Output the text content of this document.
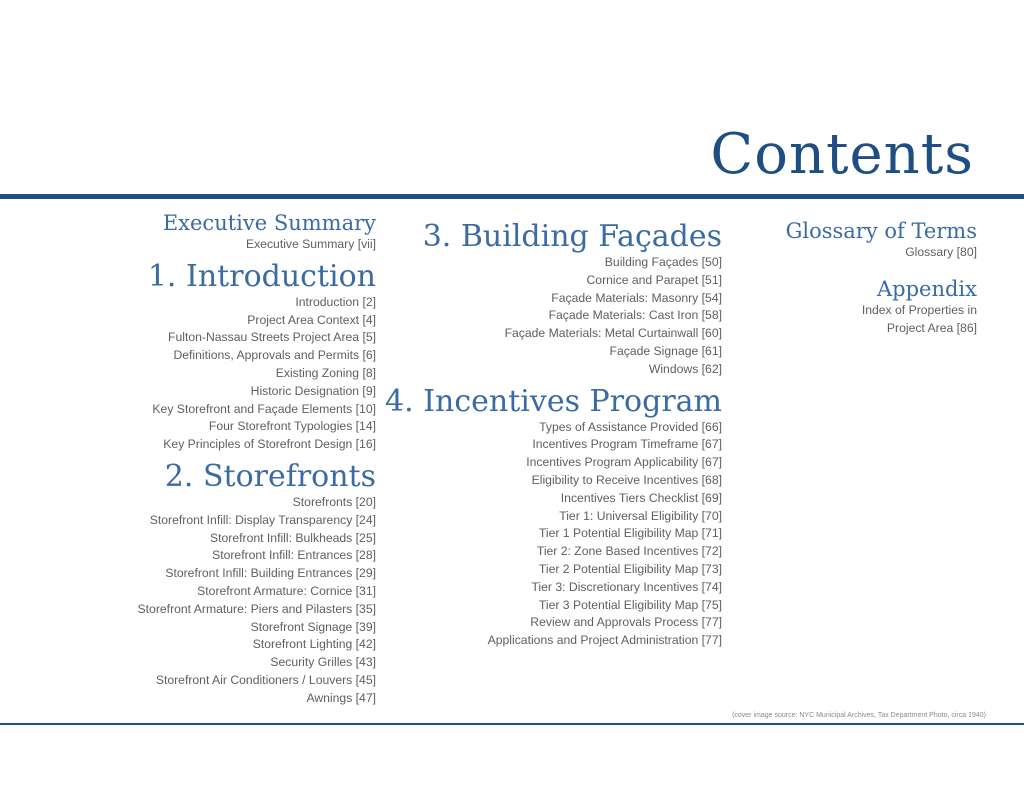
Contents
Executive Summary
Executive Summary [vii]
1. Introduction
Introduction [2]
Project Area Context [4]
Fulton-Nassau Streets Project Area [5]
Definitions, Approvals and Permits [6]
Existing Zoning [8]
Historic Designation [9]
Key Storefront and Façade Elements [10]
Four Storefront Typologies [14]
Key Principles of Storefront Design [16]
2. Storefronts
Storefronts [20]
Storefront Infill: Display Transparency [24]
Storefront Infill: Bulkheads [25]
Storefront Infill: Entrances [28]
Storefront Infill: Building Entrances [29]
Storefront Armature: Cornice [31]
Storefront Armature: Piers and Pilasters [35]
Storefront Signage [39]
Storefront Lighting [42]
Security Grilles [43]
Storefront Air Conditioners / Louvers [45]
Awnings [47]
3. Building Façades
Building Façades [50]
Cornice and Parapet [51]
Façade Materials: Masonry [54]
Façade Materials: Cast Iron [58]
Façade Materials: Metal Curtainwall [60]
Façade Signage [61]
Windows [62]
4. Incentives Program
Types of Assistance Provided [66]
Incentives Program Timeframe [67]
Incentives Program Applicability [67]
Eligibility to Receive Incentives [68]
Incentives Tiers Checklist [69]
Tier 1: Universal Eligibility [70]
Tier 1 Potential Eligibility Map [71]
Tier 2: Zone Based Incentives [72]
Tier 2 Potential Eligibility Map [73]
Tier 3: Discretionary Incentives [74]
Tier 3 Potential Eligibility Map [75]
Review and Approvals Process [77]
Applications and Project Administration [77]
Glossary of Terms
Glossary [80]
Appendix
Index of Properties in
Project Area [86]
(cover image source: NYC Municipal Archives, Tax Department Photo, circa 1940)
